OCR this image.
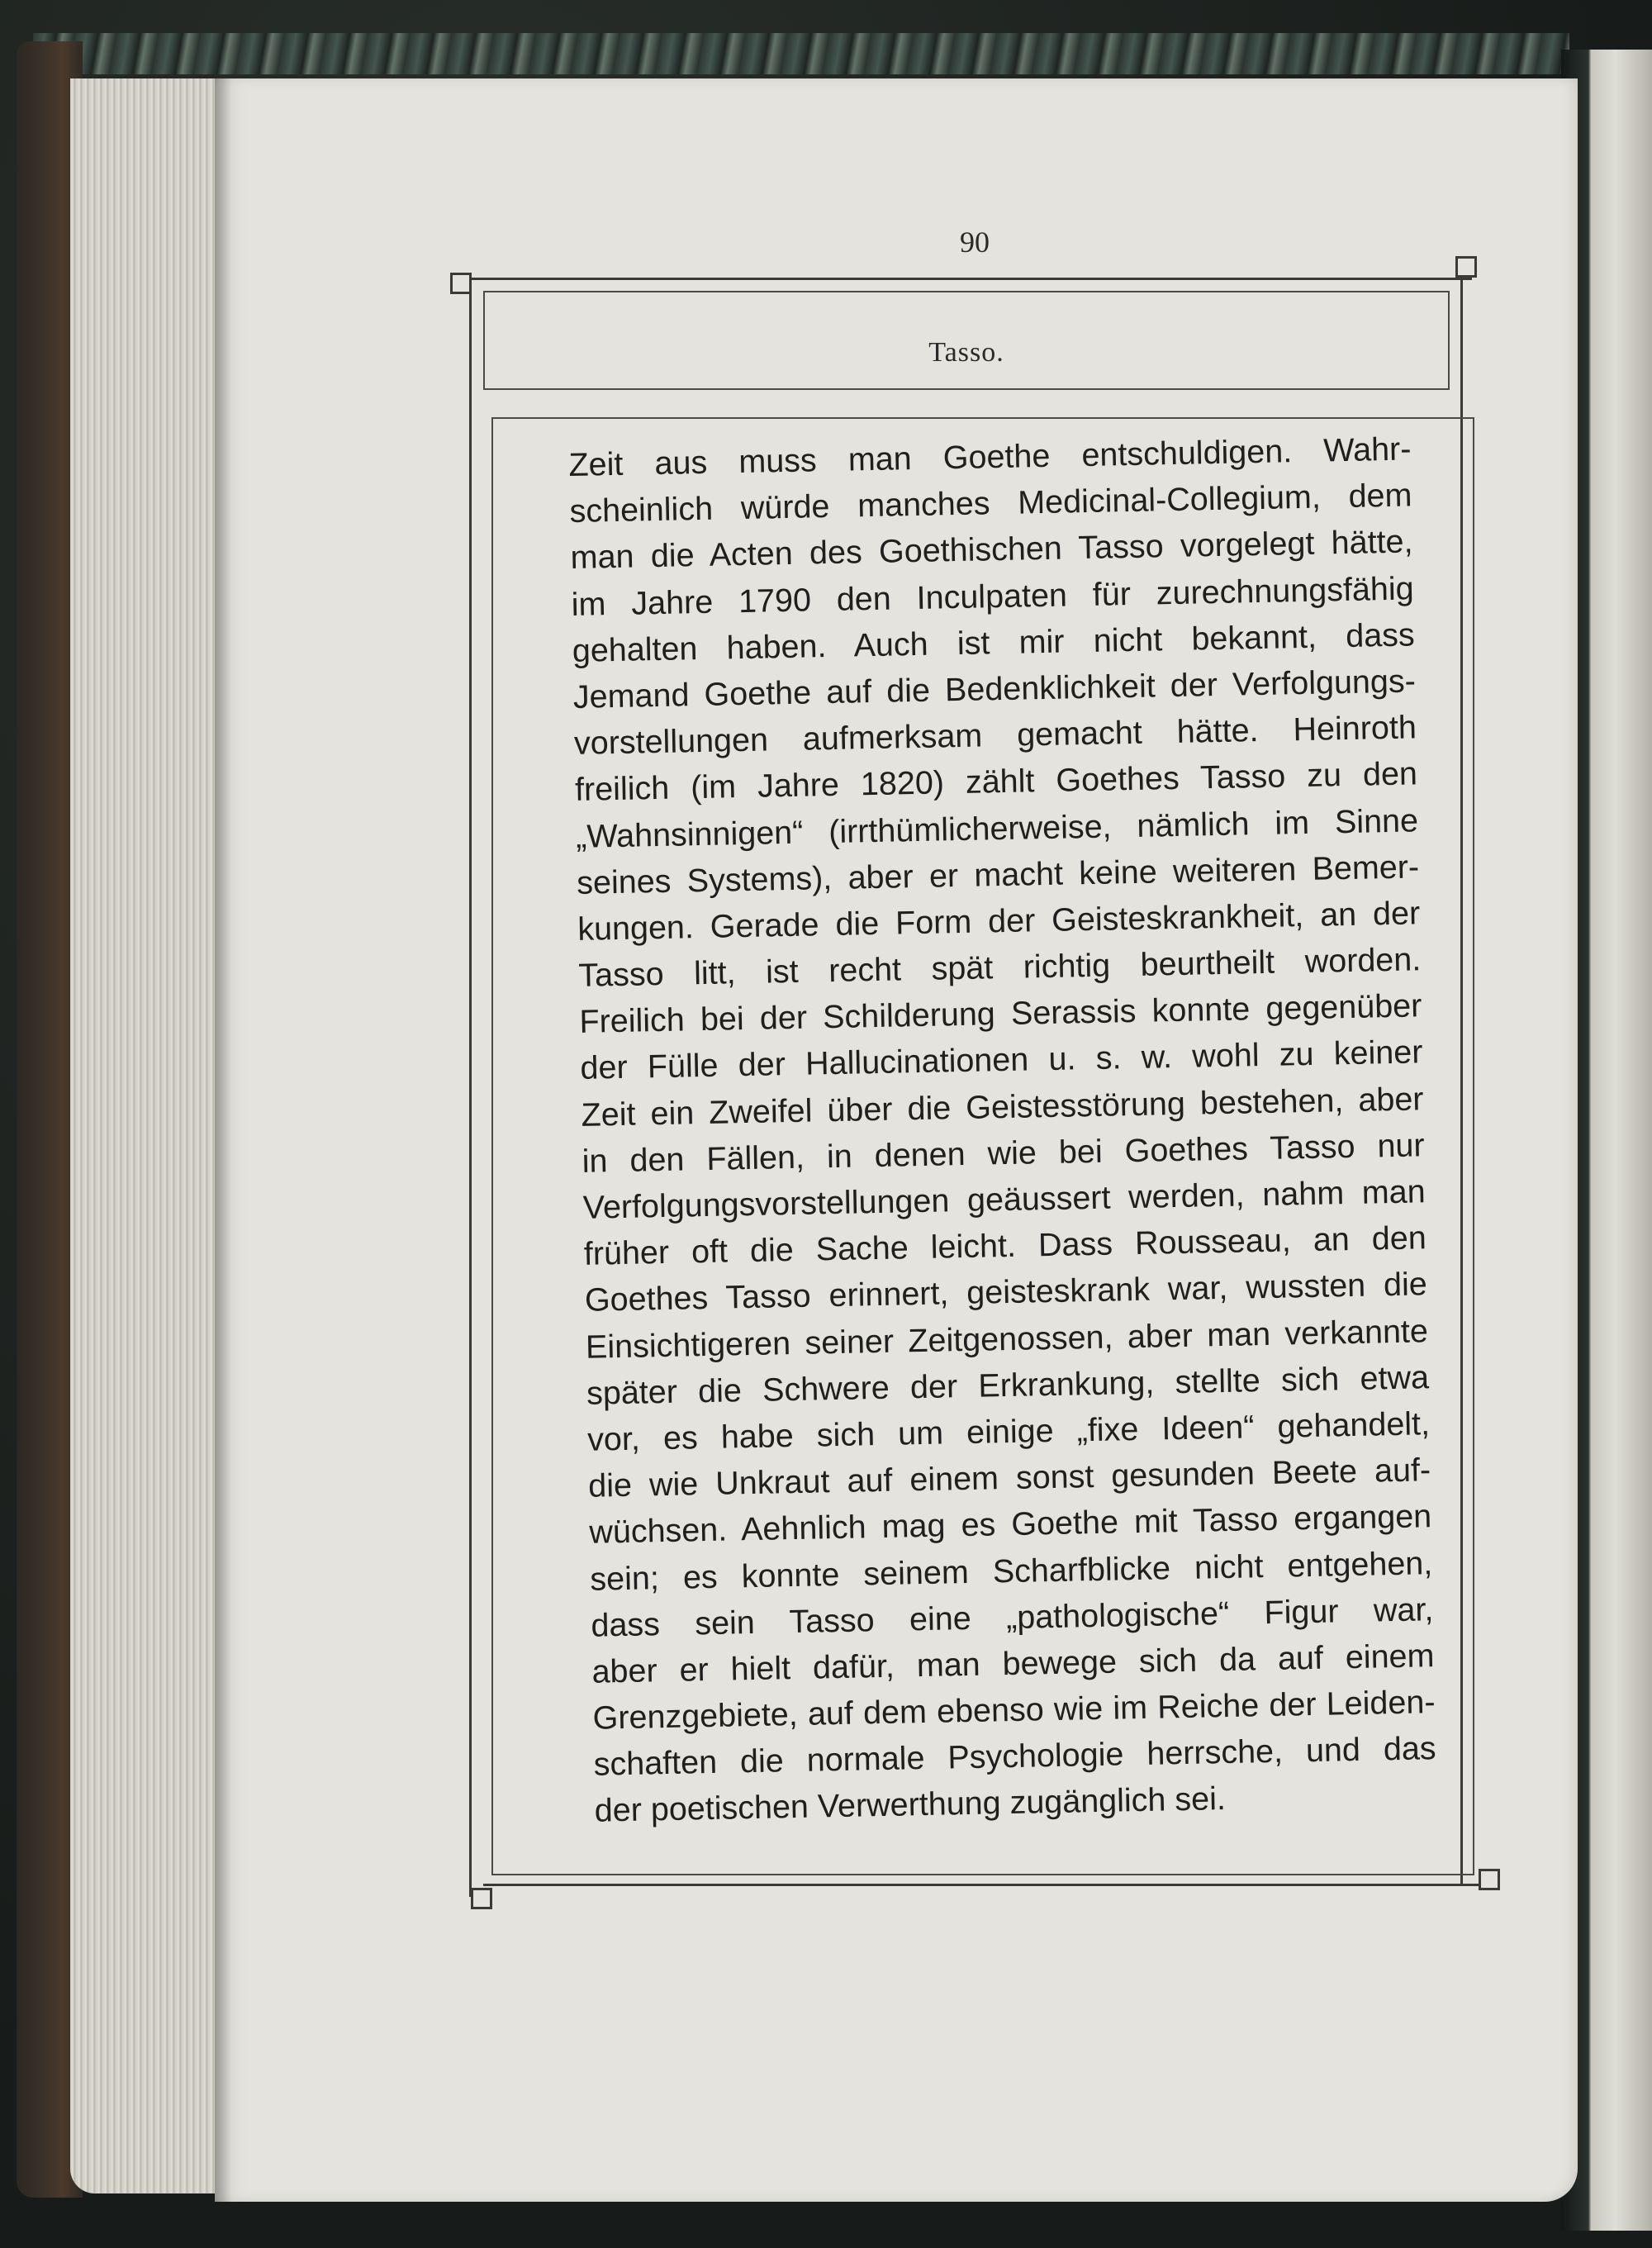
90
Tasso.
Zeit aus muss man Goethe entschuldigen. Wahr-
scheinlich würde manches Medicinal-Collegium, dem
man die Acten des Goethischen Tasso vorgelegt hätte,
im Jahre 1790 den Inculpaten für zurechnungsfähig
gehalten haben. Auch ist mir nicht bekannt, dass
Jemand Goethe auf die Bedenklichkeit der Verfolgungs-
vorstellungen aufmerksam gemacht hätte. Heinroth
freilich (im Jahre 1820) zählt Goethes Tasso zu den
„Wahnsinnigen“ (irrthümlicherweise, nämlich im Sinne
seines Systems), aber er macht keine weiteren Bemer-
kungen. Gerade die Form der Geisteskrankheit, an der
Tasso litt, ist recht spät richtig beurtheilt worden.
Freilich bei der Schilderung Serassis konnte gegenüber
der Fülle der Hallucinationen u. s. w. wohl zu keiner
Zeit ein Zweifel über die Geistesstörung bestehen, aber
in den Fällen, in denen wie bei Goethes Tasso nur
Verfolgungsvorstellungen geäussert werden, nahm man
früher oft die Sache leicht. Dass Rousseau, an den
Goethes Tasso erinnert, geisteskrank war, wussten die
Einsichtigeren seiner Zeitgenossen, aber man verkannte
später die Schwere der Erkrankung, stellte sich etwa
vor, es habe sich um einige „fixe Ideen“ gehandelt,
die wie Unkraut auf einem sonst gesunden Beete auf-
wüchsen. Aehnlich mag es Goethe mit Tasso ergangen
sein; es konnte seinem Scharfblicke nicht entgehen,
dass sein Tasso eine „pathologische“ Figur war,
aber er hielt dafür, man bewege sich da auf einem
Grenzgebiete, auf dem ebenso wie im Reiche der Leiden-
schaften die normale Psychologie herrsche, und das
der poetischen Verwerthung zugänglich sei.
